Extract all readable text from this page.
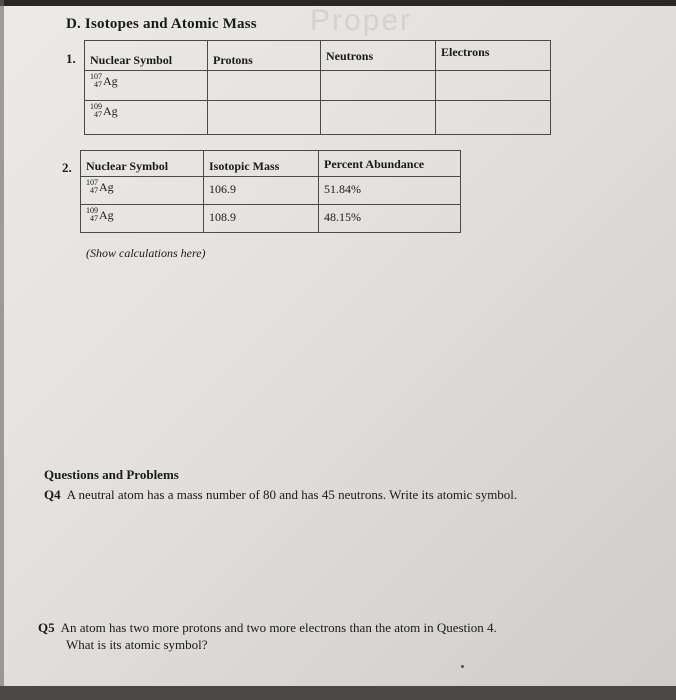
Proper
D. Isotopes and Atomic Mass
1. Nuclear Symbol	Protons	Neutrons	Electrons
107
47Ag			
109
47Ag			
2. Nuclear Symbol	Isotopic Mass	Percent Abundance
107
47Ag	106.9	51.84%
109
47Ag	108.9	48.15%
(Show calculations here)
Questions and Problems
Q4 A neutral atom has a mass number of 80 and has 45 neutrons. Write its atomic symbol.
Q5 An atom has two more protons and two more electrons than the atom in Question 4.
What is its atomic symbol?
